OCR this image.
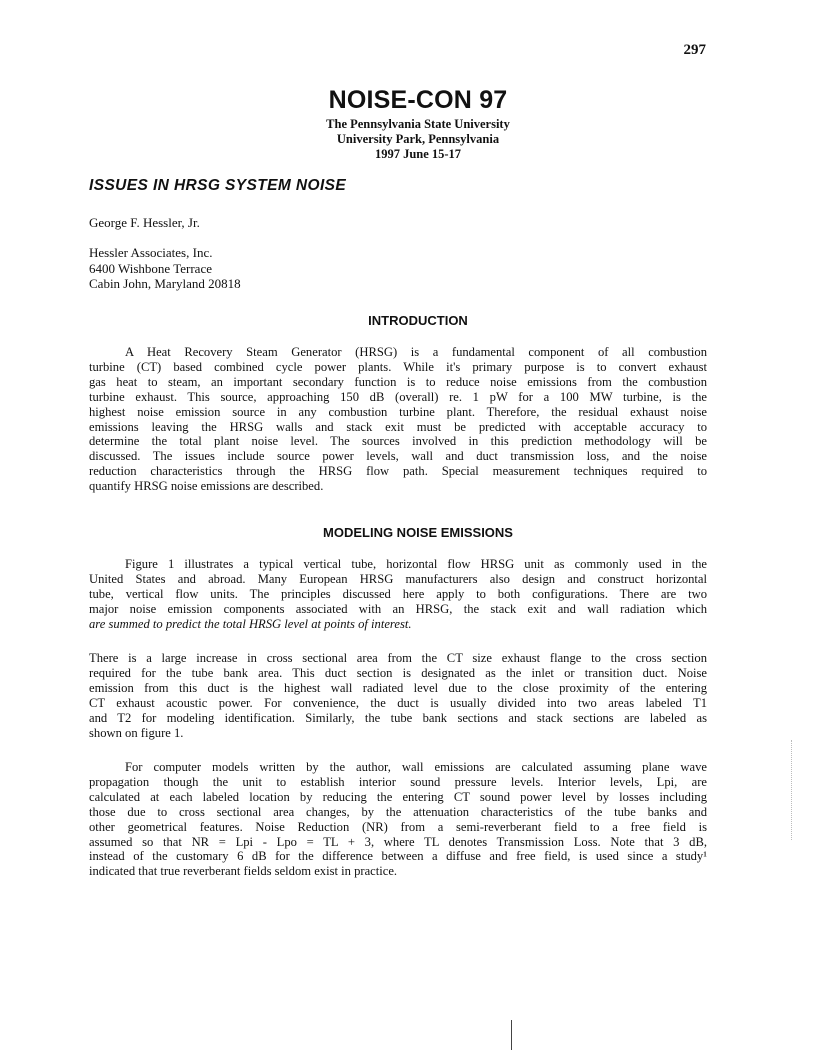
297
NOISE-CON 97
The Pennsylvania State University
University Park, Pennsylvania
1997 June 15-17
ISSUES IN HRSG SYSTEM NOISE
George F. Hessler, Jr.
Hessler Associates, Inc.
6400 Wishbone Terrace
Cabin John, Maryland 20818
INTRODUCTION
A Heat Recovery Steam Generator (HRSG) is a fundamental component of all combustion
turbine (CT) based combined cycle power plants. While it's primary purpose is to convert exhaust
gas heat to steam, an important secondary function is to reduce noise emissions from the combustion
turbine exhaust. This source, approaching 150 dB (overall) re. 1 pW for a 100 MW turbine, is the
highest noise emission source in any combustion turbine plant. Therefore, the residual exhaust noise
emissions leaving the HRSG walls and stack exit must be predicted with acceptable accuracy to
determine the total plant noise level. The sources involved in this prediction methodology will be
discussed. The issues include source power levels, wall and duct transmission loss, and the noise
reduction characteristics through the HRSG flow path. Special measurement techniques required to
quantify HRSG noise emissions are described.
MODELING NOISE EMISSIONS
Figure 1 illustrates a typical vertical tube, horizontal flow HRSG unit as commonly used in the
United States and abroad. Many European HRSG manufacturers also design and construct horizontal
tube, vertical flow units. The principles discussed here apply to both configurations. There are two
major noise emission components associated with an HRSG, the stack exit and wall radiation which
are summed to predict the total HRSG level at points of interest.
There is a large increase in cross sectional area from the CT size exhaust flange to the cross section
required for the tube bank area. This duct section is designated as the inlet or transition duct. Noise
emission from this duct is the highest wall radiated level due to the close proximity of the entering
CT exhaust acoustic power. For convenience, the duct is usually divided into two areas labeled T1
and T2 for modeling identification. Similarly, the tube bank sections and stack sections are labeled as
shown on figure 1.
For computer models written by the author, wall emissions are calculated assuming plane wave
propagation though the unit to establish interior sound pressure levels. Interior levels, Lpi, are
calculated at each labeled location by reducing the entering CT sound power level by losses including
those due to cross sectional area changes, by the attenuation characteristics of the tube banks and
other geometrical features. Noise Reduction (NR) from a semi-reverberant field to a free field is
assumed so that NR = Lpi - Lpo = TL + 3, where TL denotes Transmission Loss. Note that 3 dB,
instead of the customary 6 dB for the difference between a diffuse and free field, is used since a study¹
indicated that true reverberant fields seldom exist in practice.
